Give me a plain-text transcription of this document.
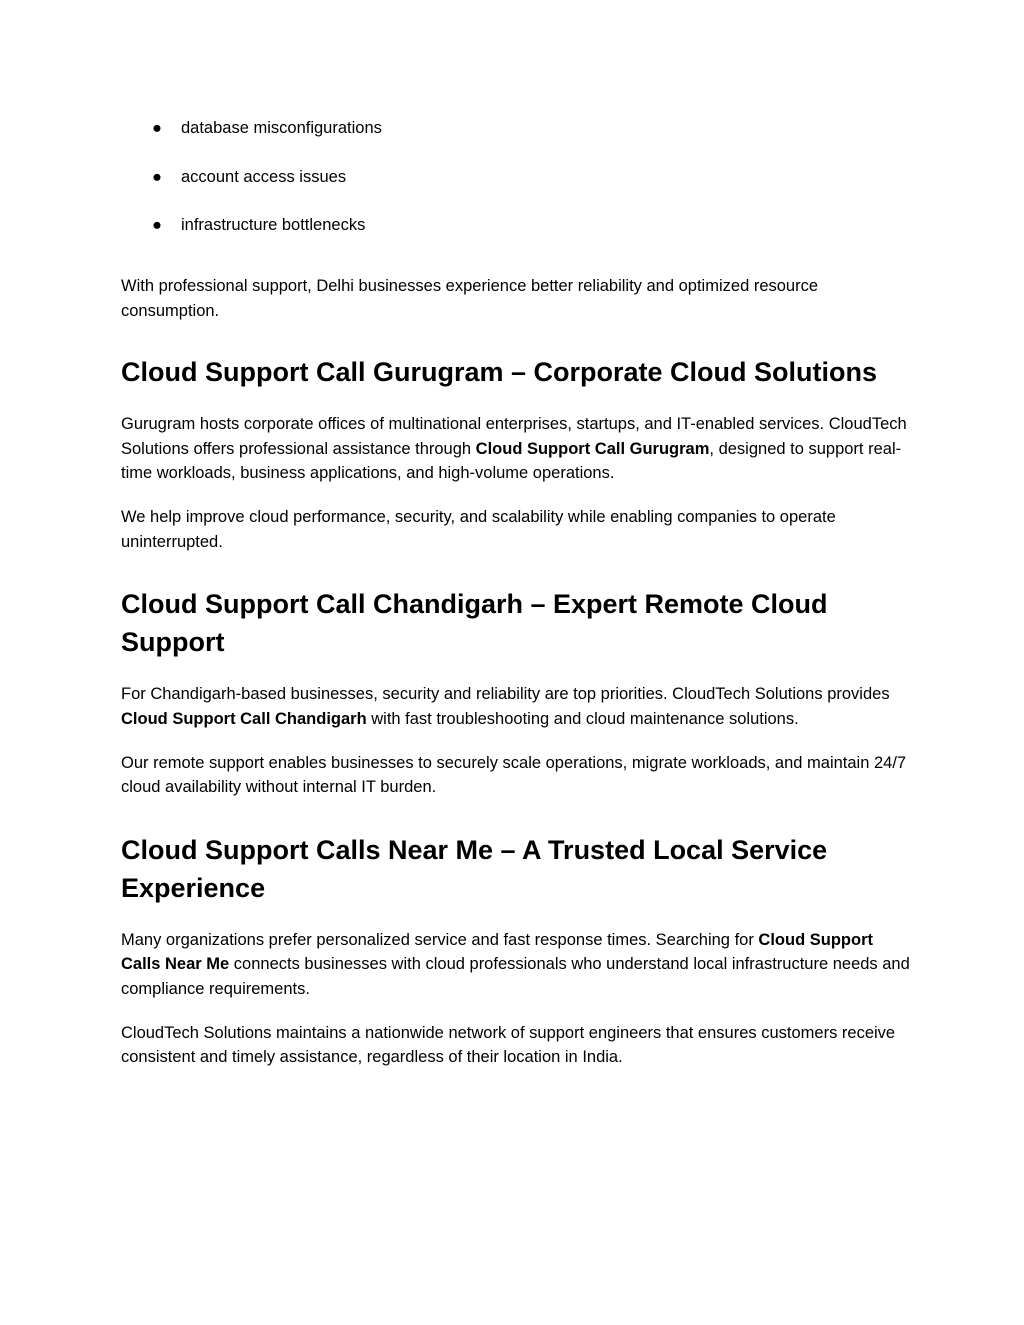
● database misconfigurations
● account access issues
● infrastructure bottlenecks

With professional support, Delhi businesses experience better reliability and optimized resource consumption.

Cloud Support Call Gurugram – Corporate Cloud Solutions

Gurugram hosts corporate offices of multinational enterprises, startups, and IT-enabled services. CloudTech Solutions offers professional assistance through Cloud Support Call Gurugram, designed to support real-time workloads, business applications, and high-volume operations.

We help improve cloud performance, security, and scalability while enabling companies to operate uninterrupted.

Cloud Support Call Chandigarh – Expert Remote Cloud Support

For Chandigarh-based businesses, security and reliability are top priorities. CloudTech Solutions provides Cloud Support Call Chandigarh with fast troubleshooting and cloud maintenance solutions.

Our remote support enables businesses to securely scale operations, migrate workloads, and maintain 24/7 cloud availability without internal IT burden.

Cloud Support Calls Near Me – A Trusted Local Service Experience

Many organizations prefer personalized service and fast response times. Searching for Cloud Support Calls Near Me connects businesses with cloud professionals who understand local infrastructure needs and compliance requirements.

CloudTech Solutions maintains a nationwide network of support engineers that ensures customers receive consistent and timely assistance, regardless of their location in India.
